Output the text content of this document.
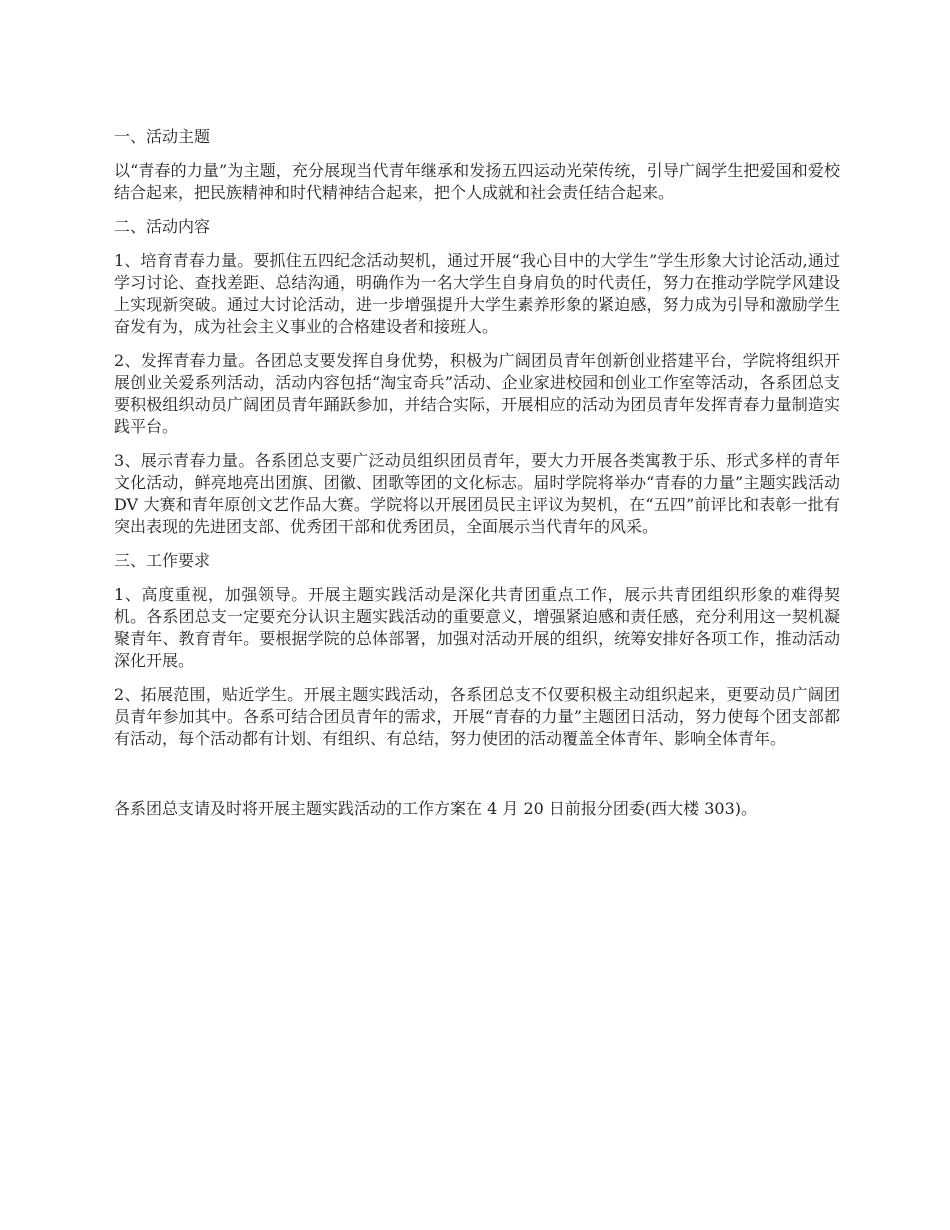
一、活动主题

以“青春的力量”为主题，充分展现当代青年继承和发扬五四运动光荣传统，引导广阔学生把爱国和爱校结合起来，把民族精神和时代精神结合起来，把个人成就和社会责任结合起来。

二、活动内容

1、培育青春力量。要抓住五四纪念活动契机，通过开展“我心目中的大学生”学生形象大讨论活动,通过学习讨论、查找差距、总结沟通，明确作为一名大学生自身肩负的时代责任，努力在推动学院学风建设上实现新突破。通过大讨论活动，进一步增强提升大学生素养形象的紧迫感，努力成为引导和激励学生奋发有为，成为社会主义事业的合格建设者和接班人。

2、发挥青春力量。各团总支要发挥自身优势，积极为广阔团员青年创新创业搭建平台，学院将组织开展创业关爱系列活动，活动内容包括“淘宝奇兵”活动、企业家进校园和创业工作室等活动，各系团总支要积极组织动员广阔团员青年踊跃参加，并结合实际，开展相应的活动为团员青年发挥青春力量制造实践平台。

3、展示青春力量。各系团总支要广泛动员组织团员青年，要大力开展各类寓教于乐、形式多样的青年文化活动，鲜亮地亮出团旗、团徽、团歌等团的文化标志。届时学院将举办“青春的力量”主题实践活动 DV 大赛和青年原创文艺作品大赛。学院将以开展团员民主评议为契机，在“五四”前评比和表彰一批有突出表现的先进团支部、优秀团干部和优秀团员，全面展示当代青年的风采。

三、工作要求

1、高度重视，加强领导。开展主题实践活动是深化共青团重点工作，展示共青团组织形象的难得契机。各系团总支一定要充分认识主题实践活动的重要意义，增强紧迫感和责任感，充分利用这一契机凝聚青年、教育青年。要根据学院的总体部署，加强对活动开展的组织，统筹安排好各项工作，推动活动深化开展。

2、拓展范围，贴近学生。开展主题实践活动，各系团总支不仅要积极主动组织起来，更要动员广阔团员青年参加其中。各系可结合团员青年的需求，开展“青春的力量”主题团日活动，努力使每个团支部都有活动，每个活动都有计划、有组织、有总结，努力使团的活动覆盖全体青年、影响全体青年。

各系团总支请及时将开展主题实践活动的工作方案在 4 月 20 日前报分团委(西大楼 303)。
